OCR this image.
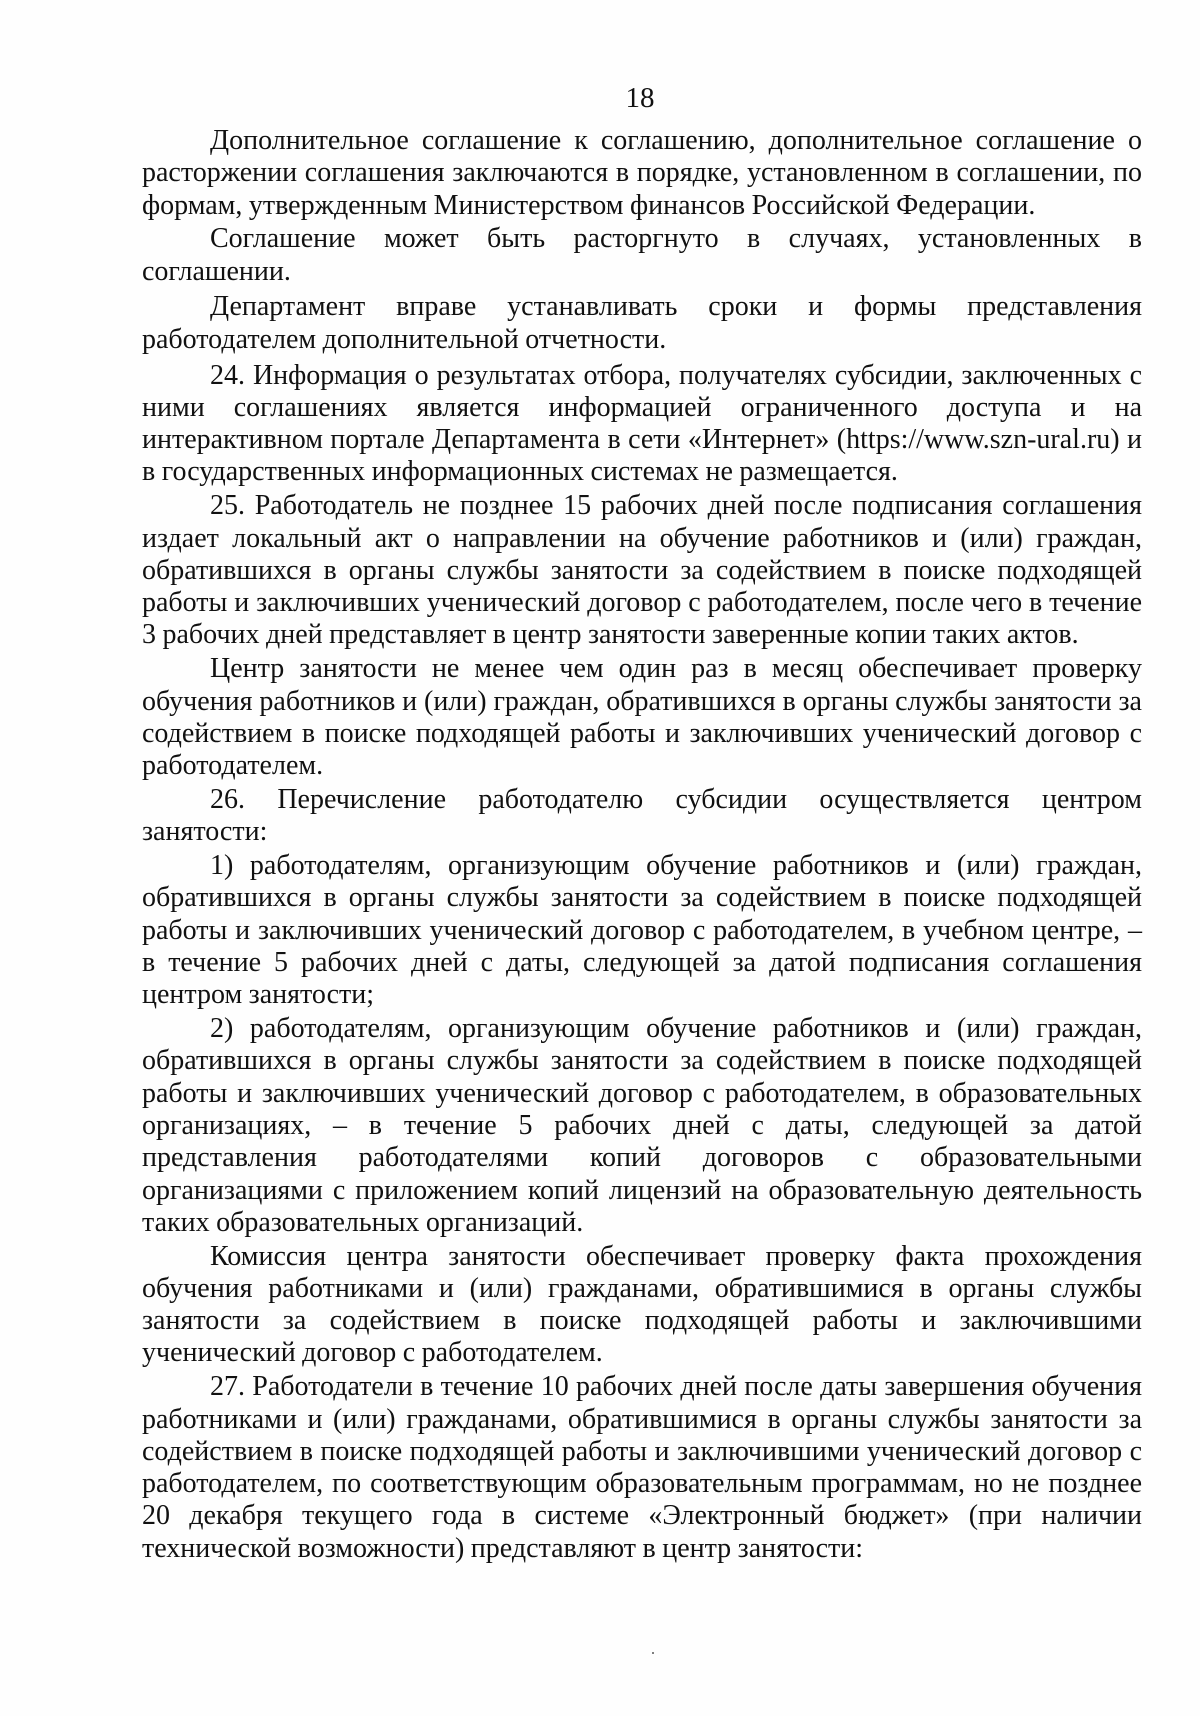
18

Дополнительное соглашение к соглашению, дополнительное соглашение о расторжении соглашения заключаются в порядке, установленном в соглашении, по формам, утвержденным Министерством финансов Российской Федерации.

Соглашение может быть расторгнуто в случаях, установленных в соглашении.

Департамент вправе устанавливать сроки и формы представления работодателем дополнительной отчетности.

24. Информация о результатах отбора, получателях субсидии, заключенных с ними соглашениях является информацией ограниченного доступа и на интерактивном портале Департамента в сети «Интернет» (https://www.szn-ural.ru) и в государственных информационных системах не размещается.

25. Работодатель не позднее 15 рабочих дней после подписания соглашения издает локальный акт о направлении на обучение работников и (или) граждан, обратившихся в органы службы занятости за содействием в поиске подходящей работы и заключивших ученический договор с работодателем, после чего в течение 3 рабочих дней представляет в центр занятости заверенные копии таких актов.

Центр занятости не менее чем один раз в месяц обеспечивает проверку обучения работников и (или) граждан, обратившихся в органы службы занятости за содействием в поиске подходящей работы и заключивших ученический договор с работодателем.

26. Перечисление работодателю субсидии осуществляется центром занятости:

1) работодателям, организующим обучение работников и (или) граждан, обратившихся в органы службы занятости за содействием в поиске подходящей работы и заключивших ученический договор с работодателем, в учебном центре, – в течение 5 рабочих дней с даты, следующей за датой подписания соглашения центром занятости;

2) работодателям, организующим обучение работников и (или) граждан, обратившихся в органы службы занятости за содействием в поиске подходящей работы и заключивших ученический договор с работодателем, в образовательных организациях, – в течение 5 рабочих дней с даты, следующей за датой представления работодателями копий договоров с образовательными организациями с приложением копий лицензий на образовательную деятельность таких образовательных организаций.

Комиссия центра занятости обеспечивает проверку факта прохождения обучения работниками и (или) гражданами, обратившимися в органы службы занятости за содействием в поиске подходящей работы и заключившими ученический договор с работодателем.

27. Работодатели в течение 10 рабочих дней после даты завершения обучения работниками и (или) гражданами, обратившимися в органы службы занятости за содействием в поиске подходящей работы и заключившими ученический договор с работодателем, по соответствующим образовательным программам, но не позднее 20 декабря текущего года в системе «Электронный бюджет» (при наличии технической возможности) представляют в центр занятости:
